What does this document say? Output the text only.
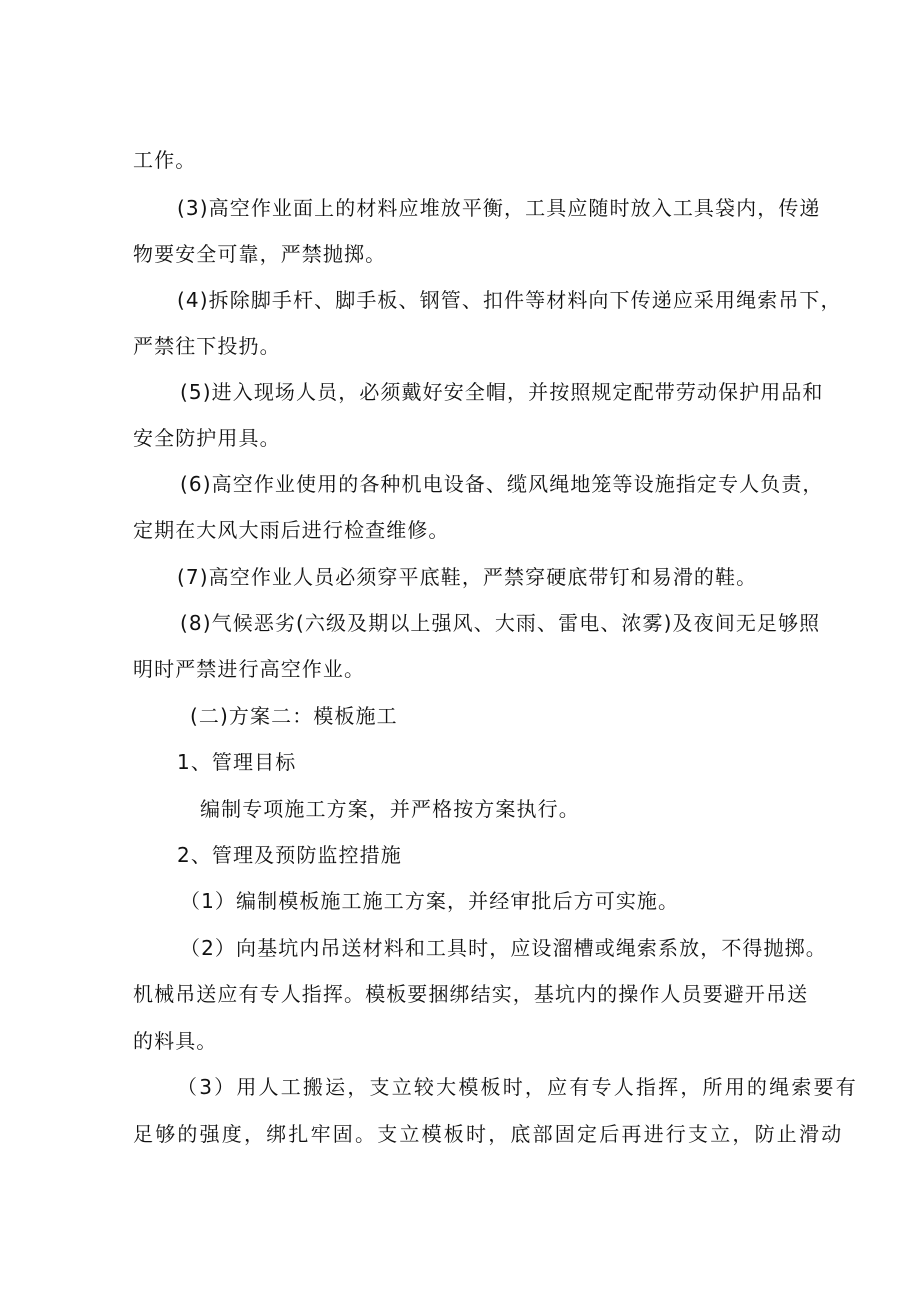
工作。
(3)高空作业面上的材料应堆放平衡，工具应随时放入工具袋内，传递
物要安全可靠，严禁抛掷。
(4)拆除脚手杆、脚手板、钢管、扣件等材料向下传递应采用绳索吊下，
严禁往下投扔。
(5)进入现场人员，必须戴好安全帽，并按照规定配带劳动保护用品和
安全防护用具。
(6)高空作业使用的各种机电设备、缆风绳地笼等设施指定专人负责，
定期在大风大雨后进行检查维修。
(7)高空作业人员必须穿平底鞋，严禁穿硬底带钉和易滑的鞋。
(8)气候恶劣(六级及期以上强风、大雨、雷电、浓雾)及夜间无足够照
明时严禁进行高空作业。
(二)方案二：模板施工
1、管理目标
编制专项施工方案，并严格按方案执行。
2、管理及预防监控措施
（1）编制模板施工施工方案，并经审批后方可实施。
（2）向基坑内吊送材料和工具时，应设溜槽或绳索系放，不得抛掷。
机械吊送应有专人指挥。模板要捆绑结实，基坑内的操作人员要避开吊送
的料具。
（3）用人工搬运，支立较大模板时，应有专人指挥，所用的绳索要有
足够的强度，绑扎牢固。支立模板时，底部固定后再进行支立，防止滑动
